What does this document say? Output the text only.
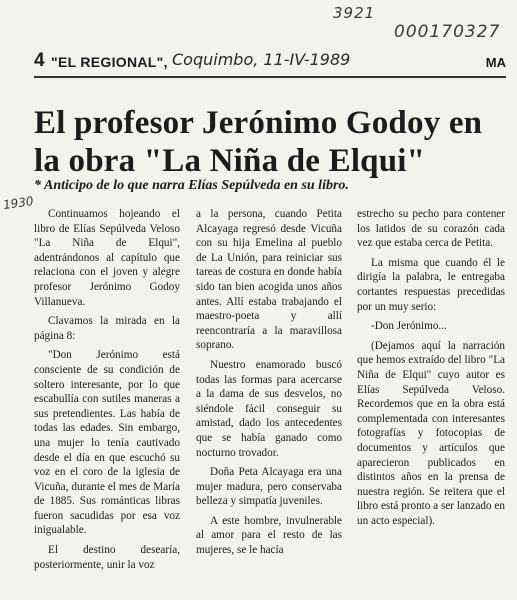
3921
000170327
1930
4 "EL REGIONAL",	MA
Coquimbo, 11-IV-1989
El profesor Jerónimo Godoy en la obra "La Niña de Elqui"

* Anticipo de lo que narra Elías Sepúlveda en su libro.

Continuamos hojeando el libro de Elías Sepúlveda Veloso "La Niña de Elqui", adentrándonos al capítulo que relaciona con el joven y alegre profesor Jerónimo Godoy Villanueva.

Clavamos la mirada en la página 8:

"Don Jerónimo está consciente de su condición de soltero interesante, por lo que escabullía con sutiles maneras a sus pretendientes. Las había de todas las edades. Sin embargo, una mujer lo tenía cautivado desde el día en que escuchó su voz en el coro de la iglesia de Vicuña, durante el mes de María de 1885. Sus románticas libras fueron sacudidas por esa voz inigualable.

El destino desearía, posteriormente, unir la voz

a la persona, cuando Petita Alcayaga regresó desde Vicuña con su hija Emelina al pueblo de La Unión, para reiniciar sus tareas de costura en donde había sido tan bien acogida unos años antes. Allí estaba trabajando el maestro-poeta y allí reencontraría a la maravillosa soprano.

Nuestro enamorado buscó todas las formas para acercarse a la dama de sus desvelos, no siéndole fácil conseguir su amistad, dado los antecedentes que se había ganado como nocturno trovador.

Doña Peta Alcayaga era una mujer madura, pero conservaba belleza y simpatía juveniles.

A este hombre, invulnerable al amor para el resto de las mujeres, se le hacía

estrecho su pecho para contener los latidos de su corazón cada vez que estaba cerca de Petita.

La misma que cuando él le dirigía la palabra, le entregaba cortantes respuestas precedidas por un muy serio:

-Don Jerónimo...

(Dejamos aquí la narración que hemos extraído del libro "La Niña de Elqui" cuyo autor es Elías Sepúlveda Veloso. Recordemos que en la obra está complementada con interesantes fotografías y fotocopias de documentos y artículos que aparecieron publicados en distintos años en la prensa de nuestra región. Se reitera que el libro está pronto a ser lanzado en un acto especial).
